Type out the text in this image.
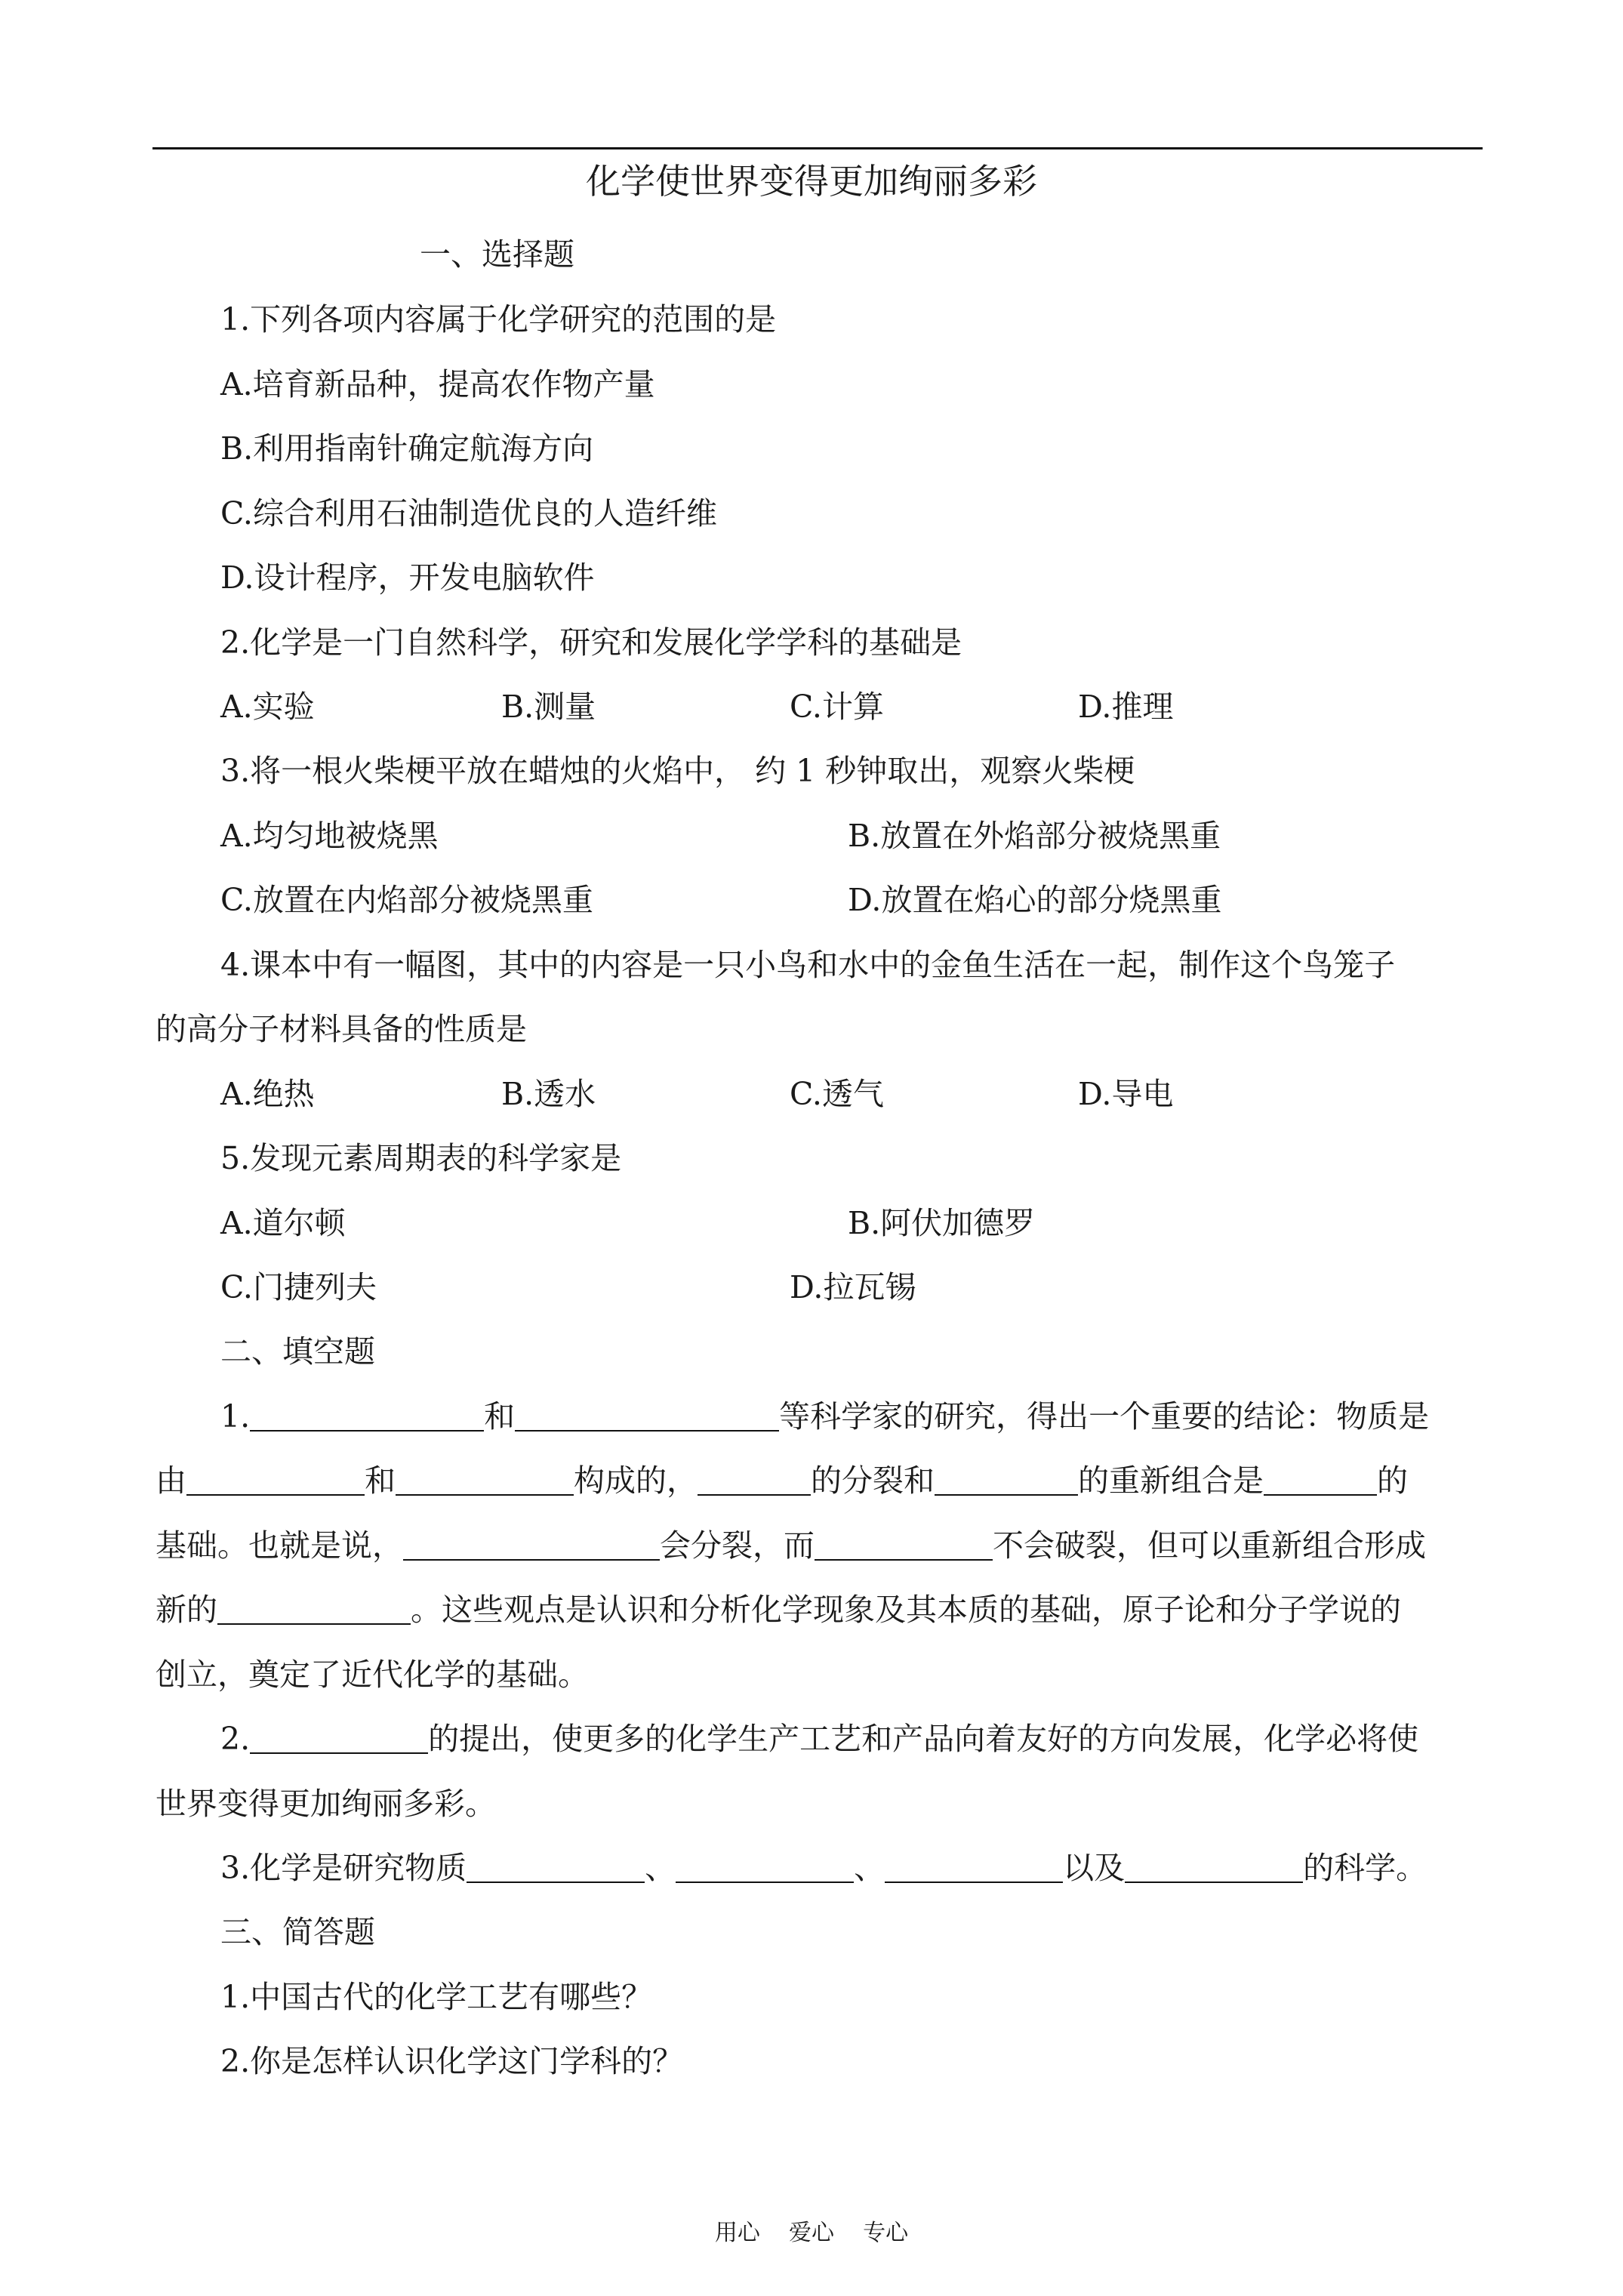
化学使世界变得更加绚丽多彩
一、选择题
1.下列各项内容属于化学研究的范围的是
A.培育新品种，提高农作物产量
B.利用指南针确定航海方向
C.综合利用石油制造优良的人造纤维
D.设计程序，开发电脑软件
2.化学是一门自然科学，研究和发展化学学科的基础是
A.实验	B.测量	C.计算	D.推理
3.将一根火柴梗平放在蜡烛的火焰中， 约 1 秒钟取出，观察火柴梗
A.均匀地被烧黑	B.放置在外焰部分被烧黑重
C.放置在内焰部分被烧黑重	D.放置在焰心的部分烧黑重
4.课本中有一幅图，其中的内容是一只小鸟和水中的金鱼生活在一起，制作这个鸟笼子
的高分子材料具备的性质是
A.绝热	B.透水	C.透气	D.导电
5.发现元素周期表的科学家是
A.道尔顿	B.阿伏加德罗
C.门捷列夫	D.拉瓦锡
二、填空题
1.	和	等科学家的研究，得出一个重要的结论：物质是
由	和	构成的，	的分裂和	的重新组合是	的
基础。也就是说，	会分裂，而	不会破裂，但可以重新组合形成
新的	。这些观点是认识和分析化学现象及其本质的基础，原子论和分子学说的
创立，奠定了近代化学的基础。
2.	的提出，使更多的化学生产工艺和产品向着友好的方向发展，化学必将使
世界变得更加绚丽多彩。
3.化学是研究物质	、	、	以及	的科学。
三、简答题
1.中国古代的化学工艺有哪些？
2.你是怎样认识化学这门学科的？
用心    爱心    专心
